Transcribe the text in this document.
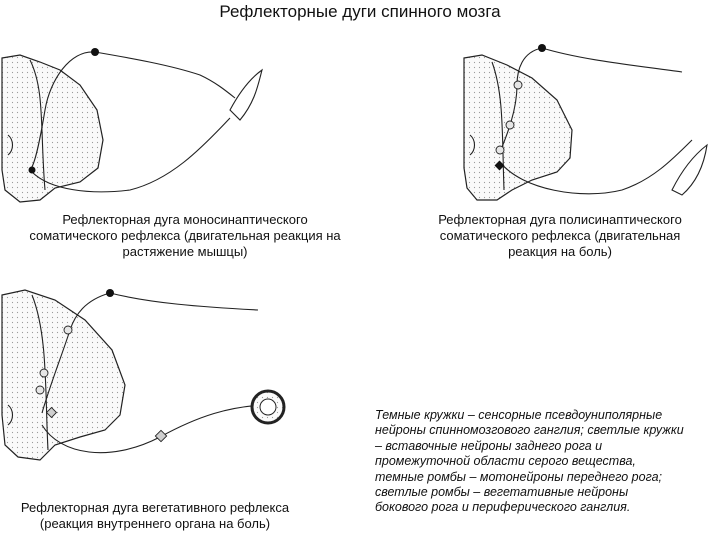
Рефлекторные дуги спинного мозга
Рефлекторная дуга моносинаптического
соматического рефлекса (двигательная реакция на
растяжение мышцы)
Рефлекторная дуга полисинаптического
соматического рефлекса (двигательная
реакция на боль)
Рефлекторная дуга вегетативного рефлекса
(реакция внутреннего органа на боль)
Темные кружки – сенсорные псевдоуниполярные
нейроны спинномозгового ганглия; светлые кружки
– вставочные нейроны заднего рога и
промежуточной области серого вещества,
темные ромбы – мотонейроны переднего рога;
светлые ромбы – вегетативные нейроны
бокового рога и периферического ганглия.
